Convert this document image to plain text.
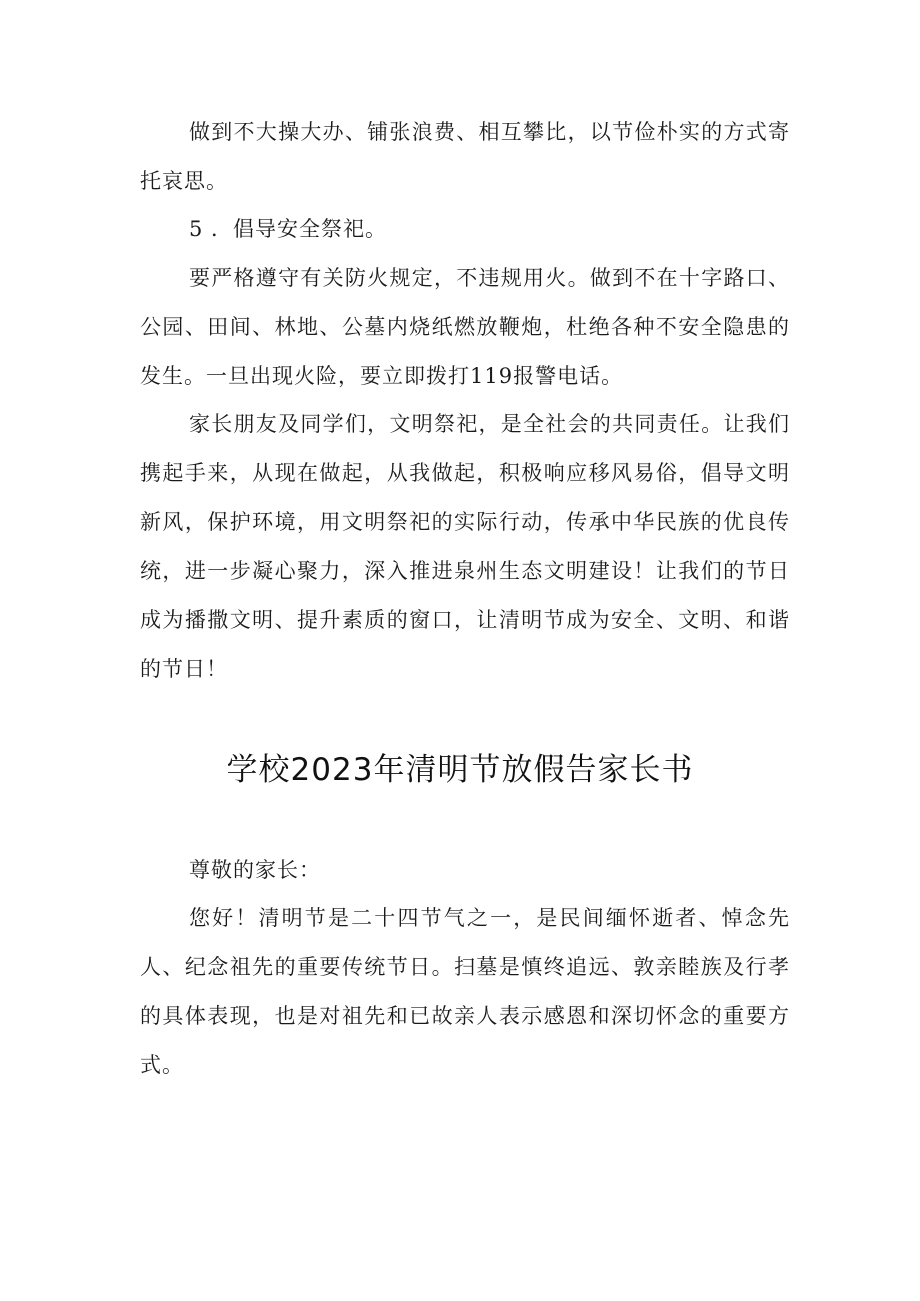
做到不大操大办、铺张浪费、相互攀比，以节俭朴实的方式寄托哀思。

5 ．倡导安全祭祀。

要严格遵守有关防火规定，不违规用火。做到不在十字路口、公园、田间、林地、公墓内烧纸燃放鞭炮，杜绝各种不安全隐患的发生。一旦出现火险，要立即拨打119报警电话。

家长朋友及同学们，文明祭祀，是全社会的共同责任。让我们携起手来，从现在做起，从我做起，积极响应移风易俗，倡导文明新风，保护环境，用文明祭祀的实际行动，传承中华民族的优良传统，进一步凝心聚力，深入推进泉州生态文明建设！让我们的节日成为播撒文明、提升素质的窗口，让清明节成为安全、文明、和谐的节日！

学校2023年清明节放假告家长书

尊敬的家长：

您好！清明节是二十四节气之一，是民间缅怀逝者、悼念先人、纪念祖先的重要传统节日。扫墓是慎终追远、敦亲睦族及行孝的具体表现，也是对祖先和已故亲人表示感恩和深切怀念的重要方式。
